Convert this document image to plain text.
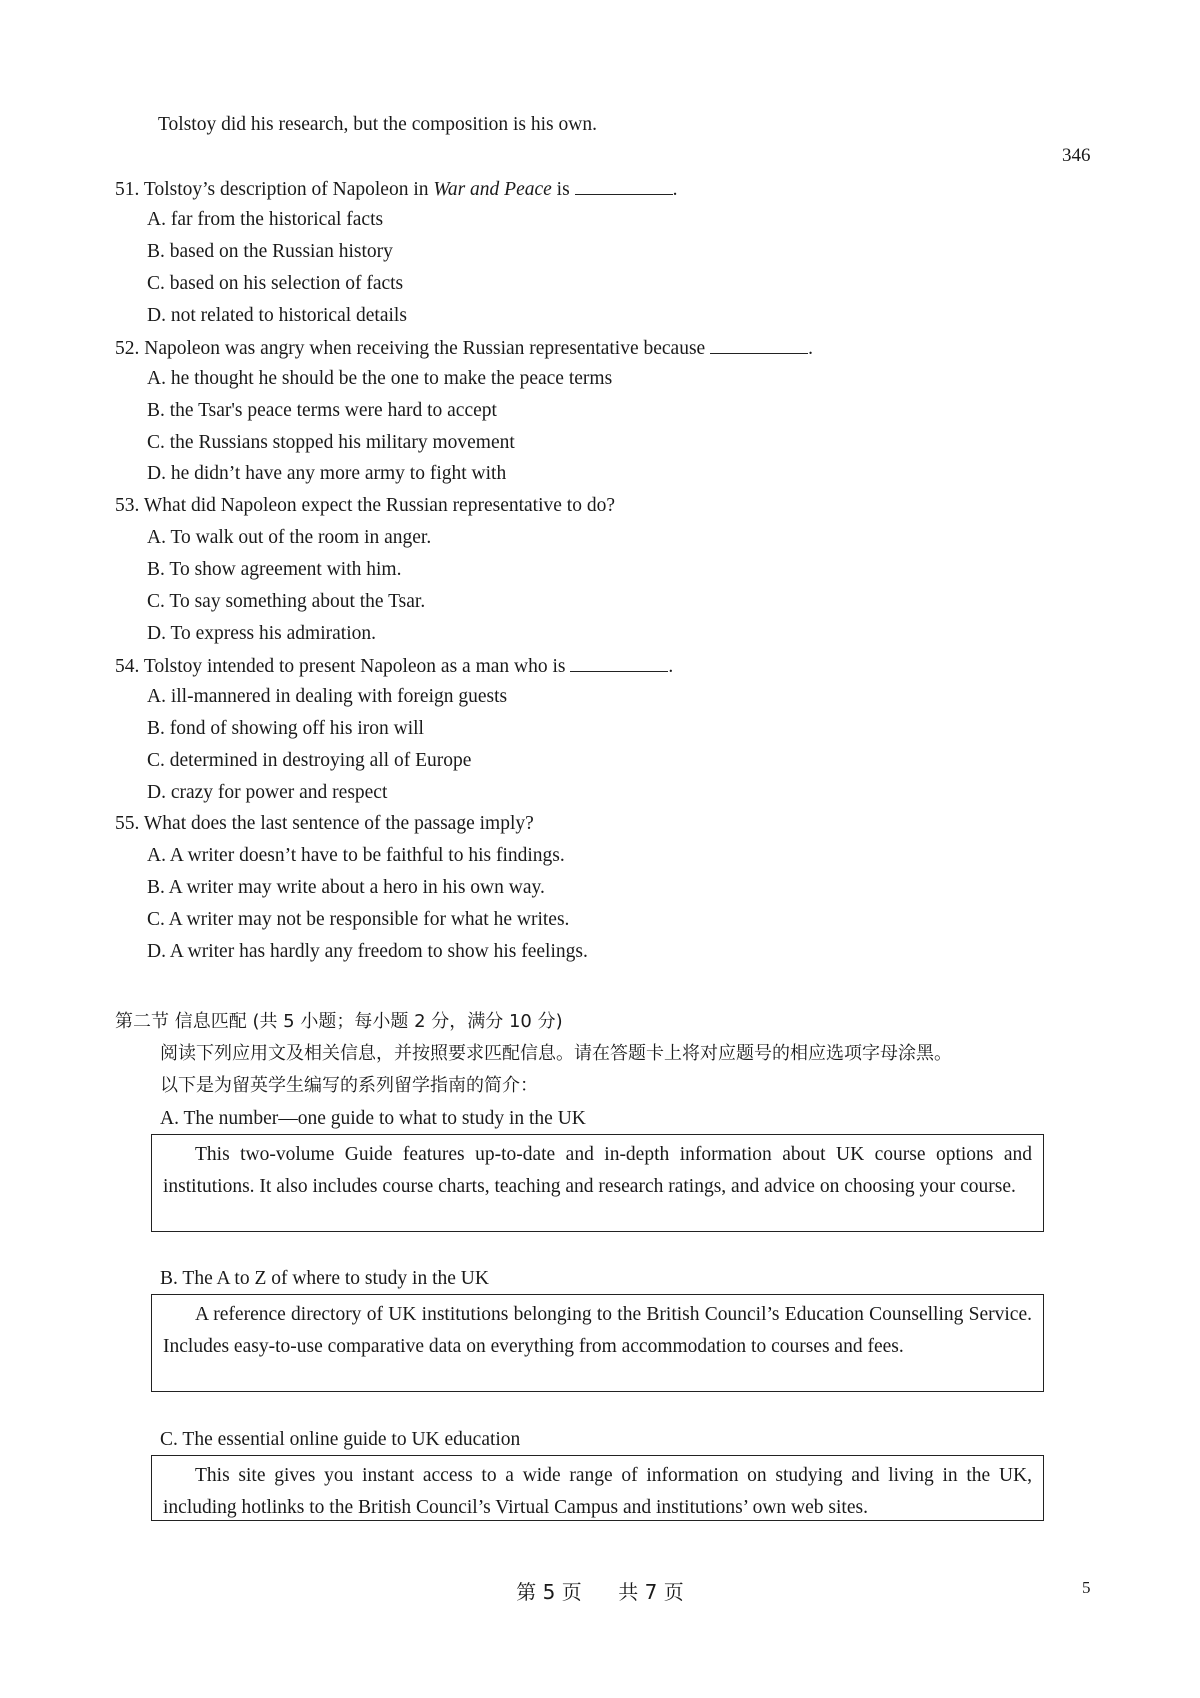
Tolstoy did his research, but the composition is his own.
346
51. Tolstoy’s description of Napoleon in War and Peace is	.
A. far from the historical facts
B. based on the Russian history
C. based on his selection of facts
D. not related to historical details
52. Napoleon was angry when receiving the Russian representative because	.
A. he thought he should be the one to make the peace terms
B. the Tsar's peace terms were hard to accept
C. the Russians stopped his military movement
D. he didn’t have any more army to fight with
53. What did Napoleon expect the Russian representative to do?
A. To walk out of the room in anger.
B. To show agreement with him.
C. To say something about the Tsar.
D. To express his admiration.
54. Tolstoy intended to present Napoleon as a man who is	.
A. ill-mannered in dealing with foreign guests
B. fond of showing off his iron will
C. determined in destroying all of Europe
D. crazy for power and respect
55. What does the last sentence of the passage imply?
A. A writer doesn’t have to be faithful to his findings.
B. A writer may write about a hero in his own way.
C. A writer may not be responsible for what he writes.
D. A writer has hardly any freedom to show his feelings.
第二节 信息匹配 (共 5 小题；每小题 2 分，满分 10 分)
阅读下列应用文及相关信息，并按照要求匹配信息。请在答题卡上将对应题号的相应选项字母涂黑。
以下是为留英学生编写的系列留学指南的简介：
A. The number—one guide to what to study in the UK
This two-volume Guide features up-to-date and in-depth information about UK course options and institutions. It also includes course charts, teaching and research ratings, and advice on choosing your course.
B. The A to Z of where to study in the UK
A reference directory of UK institutions belonging to the British Council’s Education Counselling Service. Includes easy-to-use comparative data on everything from accommodation to courses and fees.
C. The essential online guide to UK education
This site gives you instant access to a wide range of information on studying and living in the UK, including hotlinks to the British Council’s Virtual Campus and institutions’ own web sites.
第 5 页 共 7 页	5
